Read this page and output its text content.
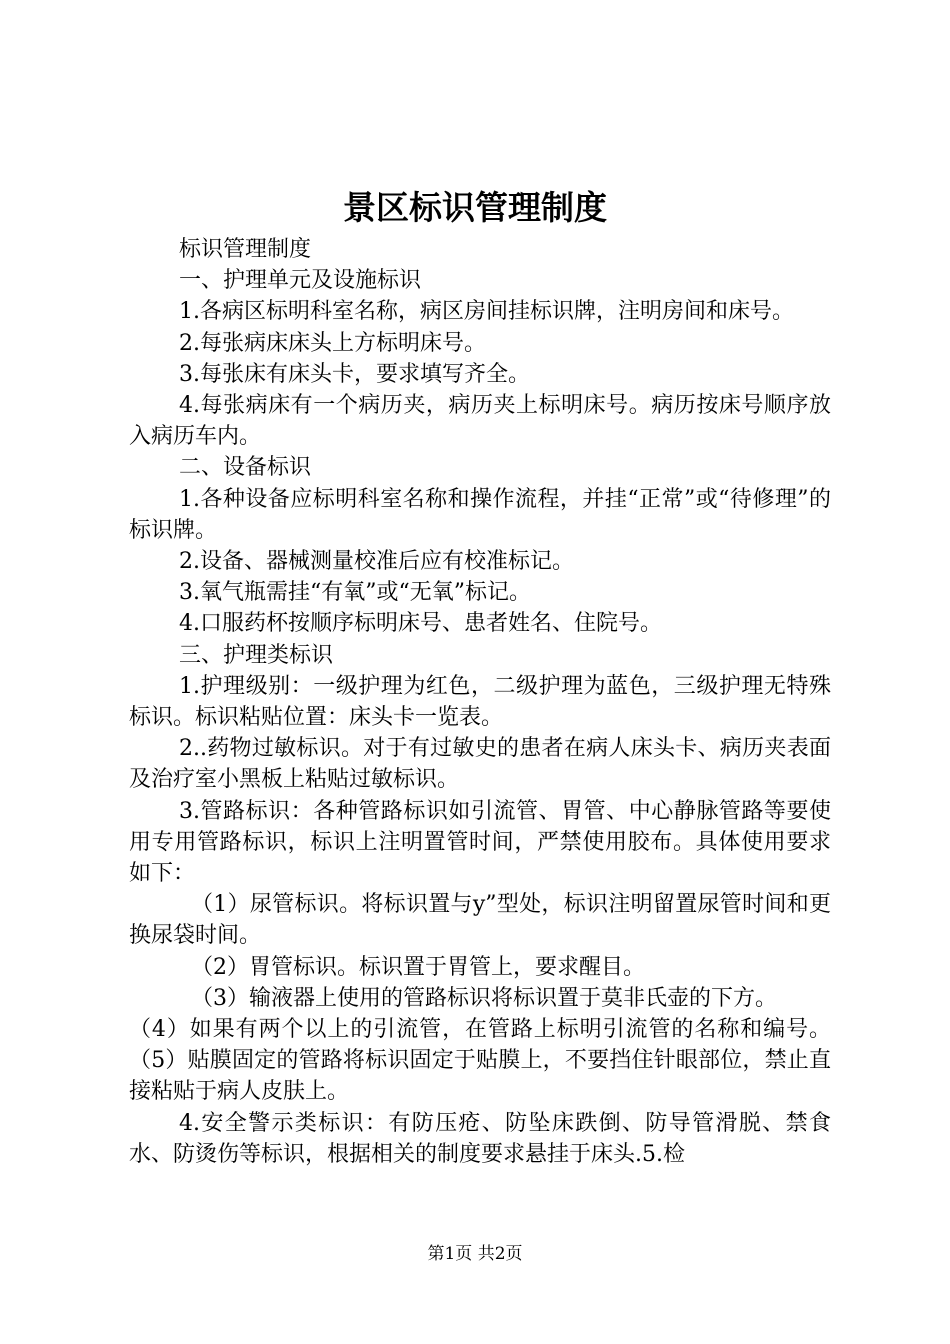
景区标识管理制度

标识管理制度

一、护理单元及设施标识

1.各病区标明科室名称，病区房间挂标识牌，注明房间和床号。

2.每张病床床头上方标明床号。

3.每张床有床头卡，要求填写齐全。

4.每张病床有一个病历夹，病历夹上标明床号。病历按床号顺序放入病历车内。

二、设备标识

1.各种设备应标明科室名称和操作流程，并挂“正常”或“待修理”的标识牌。

2.设备、器械测量校准后应有校准标记。

3.氧气瓶需挂“有氧”或“无氧”标记。

4.口服药杯按顺序标明床号、患者姓名、住院号。

三、护理类标识

1.护理级别：一级护理为红色，二级护理为蓝色，三级护理无特殊标识。标识粘贴位置：床头卡一览表。

2..药物过敏标识。对于有过敏史的患者在病人床头卡、病历夹表面及治疗室小黑板上粘贴过敏标识。

3.管路标识：各种管路标识如引流管、胃管、中心静脉管路等要使用专用管路标识，标识上注明置管时间，严禁使用胶布。具体使用要求如下：

（1）尿管标识。将标识置与y”型处，标识注明留置尿管时间和更换尿袋时间。

（2）胃管标识。标识置于胃管上，要求醒目。

（3）输液器上使用的管路标识将标识置于莫非氏壶的下方。

（4）如果有两个以上的引流管，在管路上标明引流管的名称和编号。（5）贴膜固定的管路将标识固定于贴膜上，不要挡住针眼部位，禁止直接粘贴于病人皮肤上。

4.安全警示类标识：有防压疮、防坠床跌倒、防导管滑脱、禁食水、防烫伤等标识，根据相关的制度要求悬挂于床头.5.检

第1页 共2页
